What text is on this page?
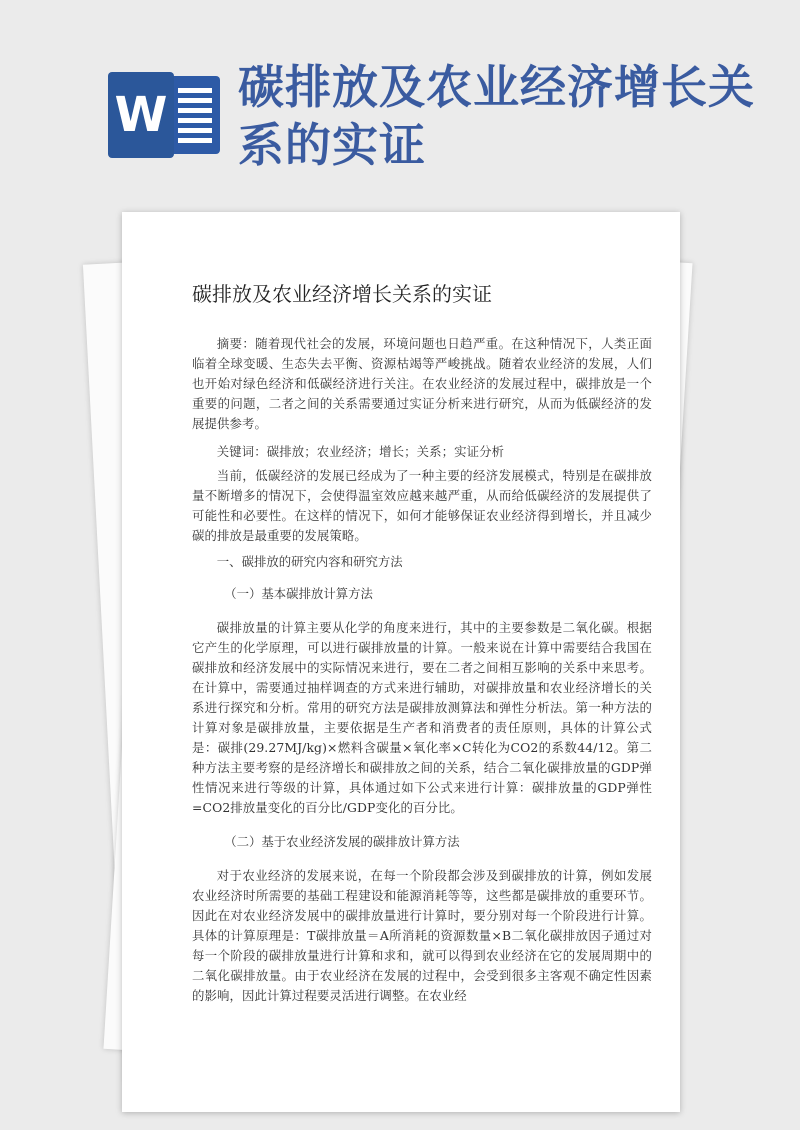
W 碳排放及农业经济增长关系的实证
碳排放及农业经济增长关系的实证

摘要：随着现代社会的发展，环境问题也日趋严重。在这种情况下，人类正面临着全球变暖、生态失去平衡、资源枯竭等严峻挑战。随着农业经济的发展，人们也开始对绿色经济和低碳经济进行关注。在农业经济的发展过程中，碳排放是一个重要的问题，二者之间的关系需要通过实证分析来进行研究，从而为低碳经济的发展提供参考。

关键词：碳排放；农业经济；增长；关系；实证分析

当前，低碳经济的发展已经成为了一种主要的经济发展模式，特别是在碳排放量不断增多的情况下，会使得温室效应越来越严重，从而给低碳经济的发展提供了可能性和必要性。在这样的情况下，如何才能够保证农业经济得到增长，并且减少碳的排放是最重要的发展策略。

一、碳排放的研究内容和研究方法
（一）基本碳排放计算方法

碳排放量的计算主要从化学的角度来进行，其中的主要参数是二氧化碳。根据它产生的化学原理，可以进行碳排放量的计算。一般来说在计算中需要结合我国在碳排放和经济发展中的实际情况来进行，要在二者之间相互影响的关系中来思考。在计算中，需要通过抽样调查的方式来进行辅助，对碳排放量和农业经济增长的关系进行探究和分析。常用的研究方法是碳排放测算法和弹性分析法。第一种方法的计算对象是碳排放量，主要依据是生产者和消费者的责任原则，具体的计算公式是：碳排(29.27MJ/kg)×燃料含碳量×氧化率×C转化为CO2的系数44/12。第二种方法主要考察的是经济增长和碳排放之间的关系，结合二氧化碳排放量的GDP弹性情况来进行等级的计算，具体通过如下公式来进行计算：碳排放量的GDP弹性=CO2排放量变化的百分比/GDP变化的百分比。

（二）基于农业经济发展的碳排放计算方法

对于农业经济的发展来说，在每一个阶段都会涉及到碳排放的计算，例如发展农业经济时所需要的基础工程建设和能源消耗等等，这些都是碳排放的重要环节。因此在对农业经济发展中的碳排放量进行计算时，要分别对每一个阶段进行计算。具体的计算原理是：T碳排放量＝A所消耗的资源数量×B二氧化碳排放因子通过对每一个阶段的碳排放量进行计算和求和，就可以得到农业经济在它的发展周期中的二氧化碳排放量。由于农业经济在发展的过程中，会受到很多主客观不确定性因素的影响，因此计算过程要灵活进行调整。在农业经
